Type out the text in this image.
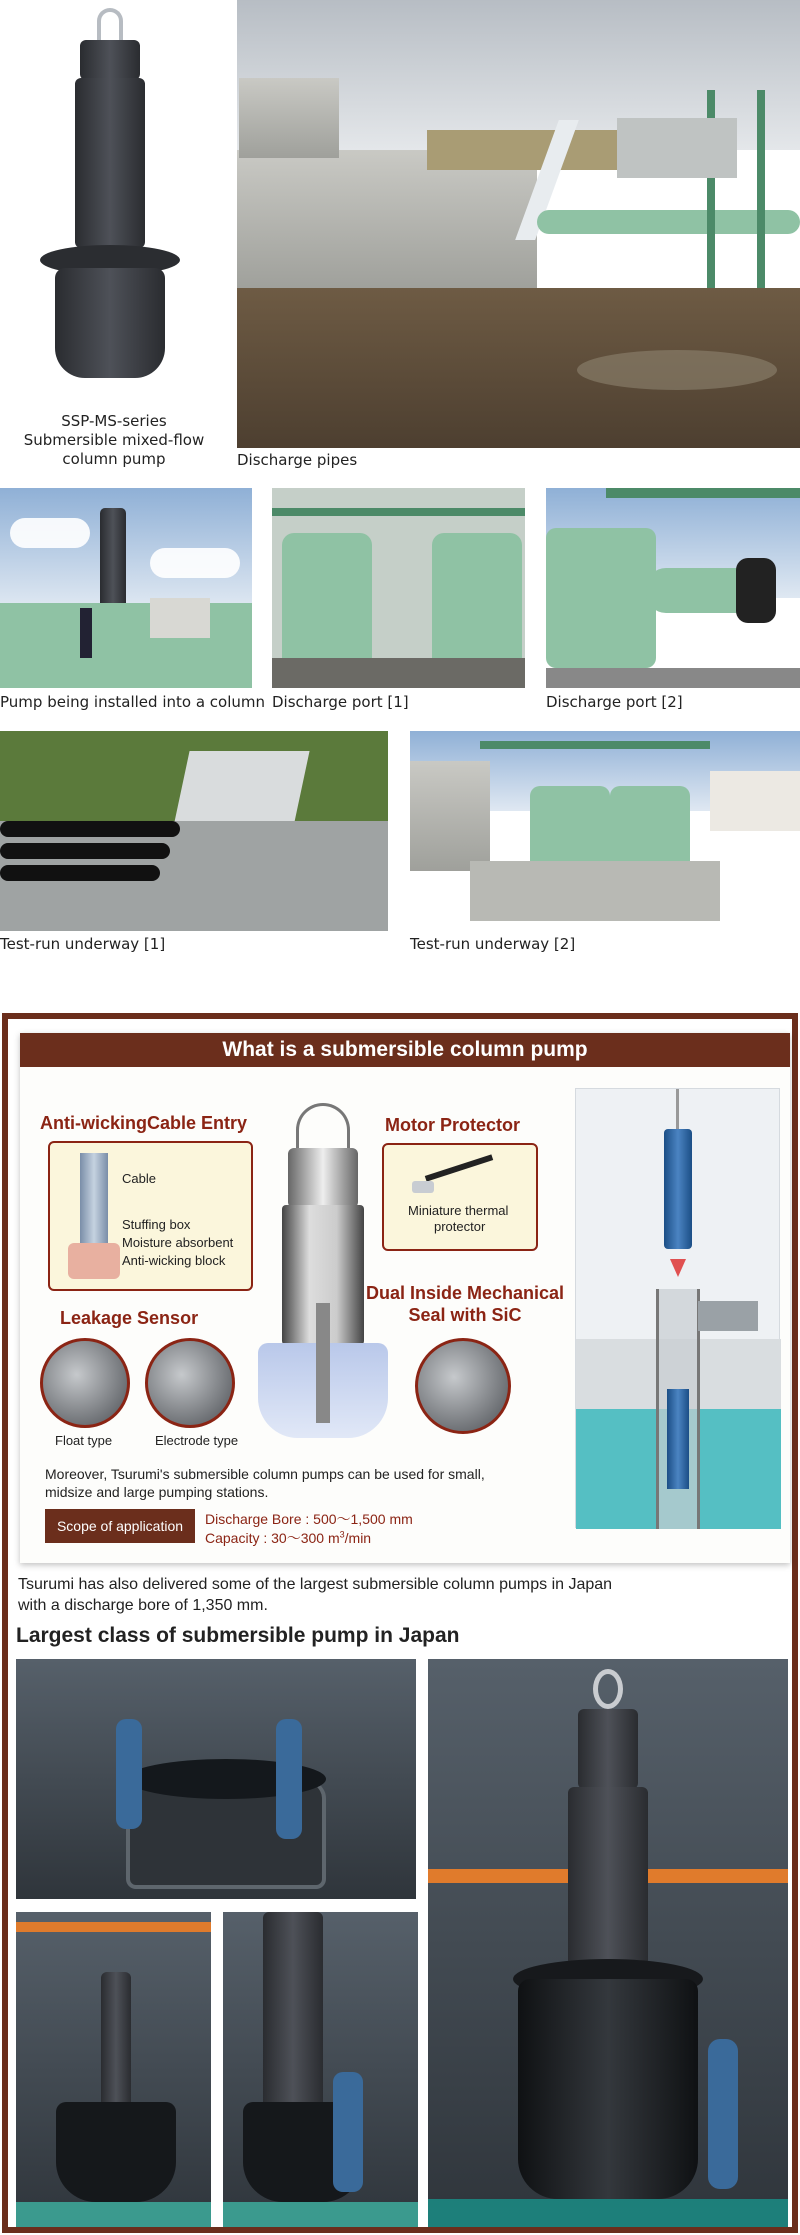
SSP-MS-series
Submersible mixed-flow
column pump	Discharge pipes
Pump being installed into a column Discharge port [1]	Discharge port [2]
Test-run underway [1]	Test-run underway [2]
What is a submersible column pump
Anti-wickingCable Entry
Cable
Stuffing box
Moisture absorbent
Anti-wicking block
Motor Protector
Miniature thermal
protector
Leakage Sensor
Float type	Electrode type
Dual Inside Mechanical
Seal with SiC
Moreover, Tsurumi's submersible column pumps can be used for small,
midsize and large pumping stations.
Scope of application	Discharge Bore : 500～1,500 mm
Capacity : 30～300 $m^3/\min$
Tsurumi has also delivered some of the largest submersible column pumps in Japan
with a discharge bore of 1,350 mm.
Largest class of submersible pump in Japan
